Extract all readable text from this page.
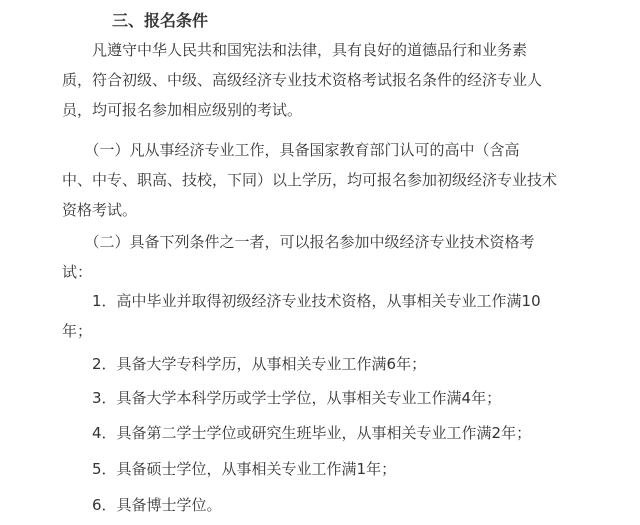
三、报名条件
　　凡遵守中华人民共和国宪法和法律，具有良好的道德品行和业务素
质，符合初级、中级、高级经济专业技术资格考试报名条件的经济专业人
员，均可报名参加相应级别的考试。
　　（一）凡从事经济专业工作，具备国家教育部门认可的高中（含高
中、中专、职高、技校，下同）以上学历，均可报名参加初级经济专业技术
资格考试。
　　（二）具备下列条件之一者，可以报名参加中级经济专业技术资格考
试：
　　1．高中毕业并取得初级经济专业技术资格，从事相关专业工作满10
年；
　　2．具备大学专科学历，从事相关专业工作满6年；
　　3．具备大学本科学历或学士学位，从事相关专业工作满4年；
　　4．具备第二学士学位或研究生班毕业，从事相关专业工作满2年；
　　5．具备硕士学位，从事相关专业工作满1年；
　　6．具备博士学位。
